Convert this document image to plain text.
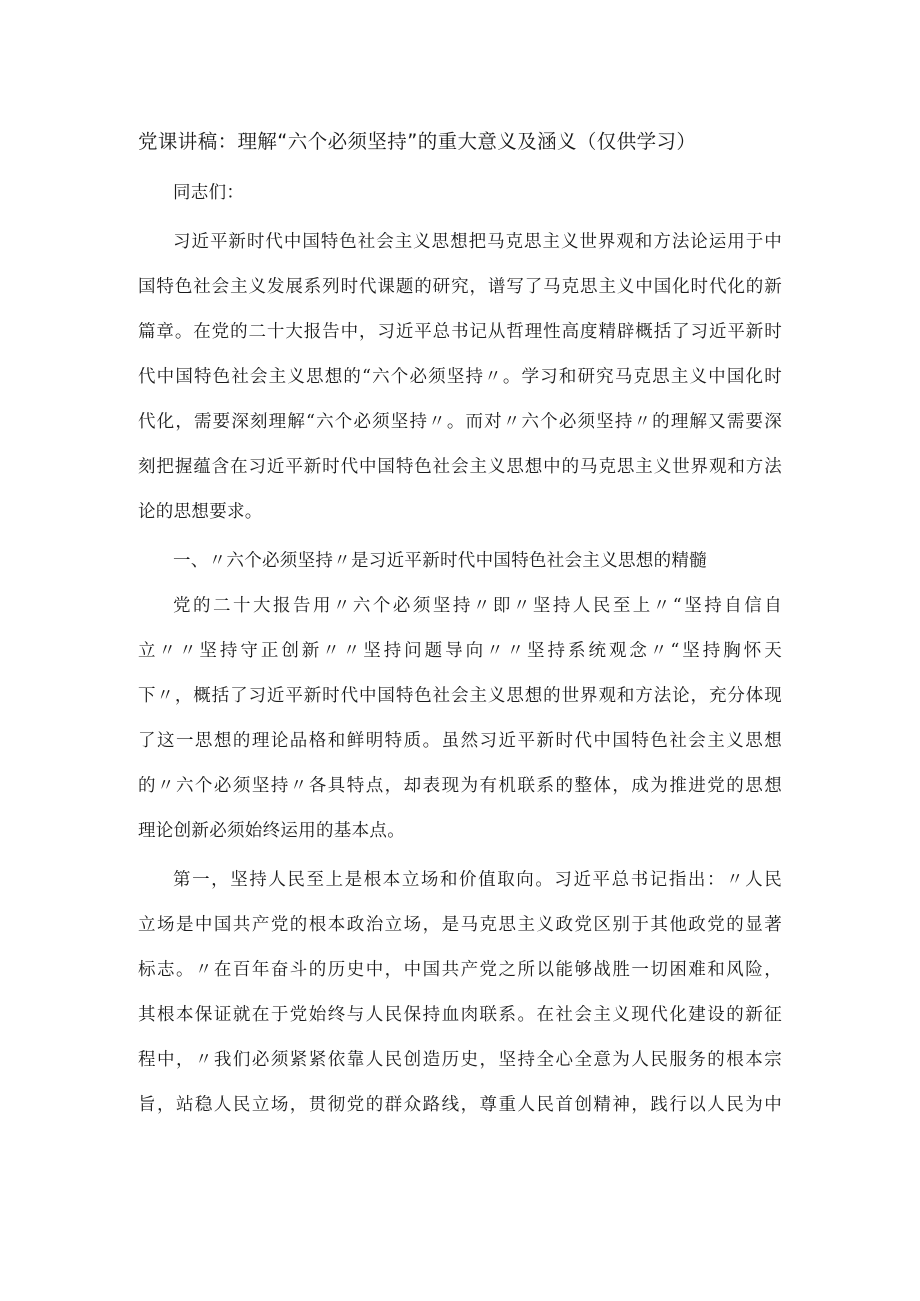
党课讲稿：理解“六个必须坚持”的重大意义及涵义（仅供学习）
同志们：
习近平新时代中国特色社会主义思想把马克思主义世界观和方法论运用于中
国特色社会主义发展系列时代课题的研究，谱写了马克思主义中国化时代化的新
篇章。在党的二十大报告中，习近平总书记从哲理性高度精辟概括了习近平新时
代中国特色社会主义思想的“六个必须坚持〃。学习和研究马克思主义中国化时
代化，需要深刻理解“六个必须坚持〃。而对〃六个必须坚持〃的理解又需要深
刻把握蕴含在习近平新时代中国特色社会主义思想中的马克思主义世界观和方法
论的思想要求。
一、〃六个必须坚持〃是习近平新时代中国特色社会主义思想的精髓
党的二十大报告用〃六个必须坚持〃即〃坚持人民至上〃“坚持自信自
立〃〃坚持守正创新〃〃坚持问题导向〃〃坚持系统观念〃“坚持胸怀天
下〃，概括了习近平新时代中国特色社会主义思想的世界观和方法论，充分体现
了这一思想的理论品格和鲜明特质。虽然习近平新时代中国特色社会主义思想
的〃六个必须坚持〃各具特点，却表现为有机联系的整体，成为推进党的思想
理论创新必须始终运用的基本点。
第一，坚持人民至上是根本立场和价值取向。习近平总书记指出：〃人民
立场是中国共产党的根本政治立场，是马克思主义政党区别于其他政党的显著
标志。〃在百年奋斗的历史中，中国共产党之所以能够战胜一切困难和风险，
其根本保证就在于党始终与人民保持血肉联系。在社会主义现代化建设的新征
程中，〃我们必须紧紧依靠人民创造历史，坚持全心全意为人民服务的根本宗
旨，站稳人民立场，贯彻党的群众路线，尊重人民首创精神，践行以人民为中
